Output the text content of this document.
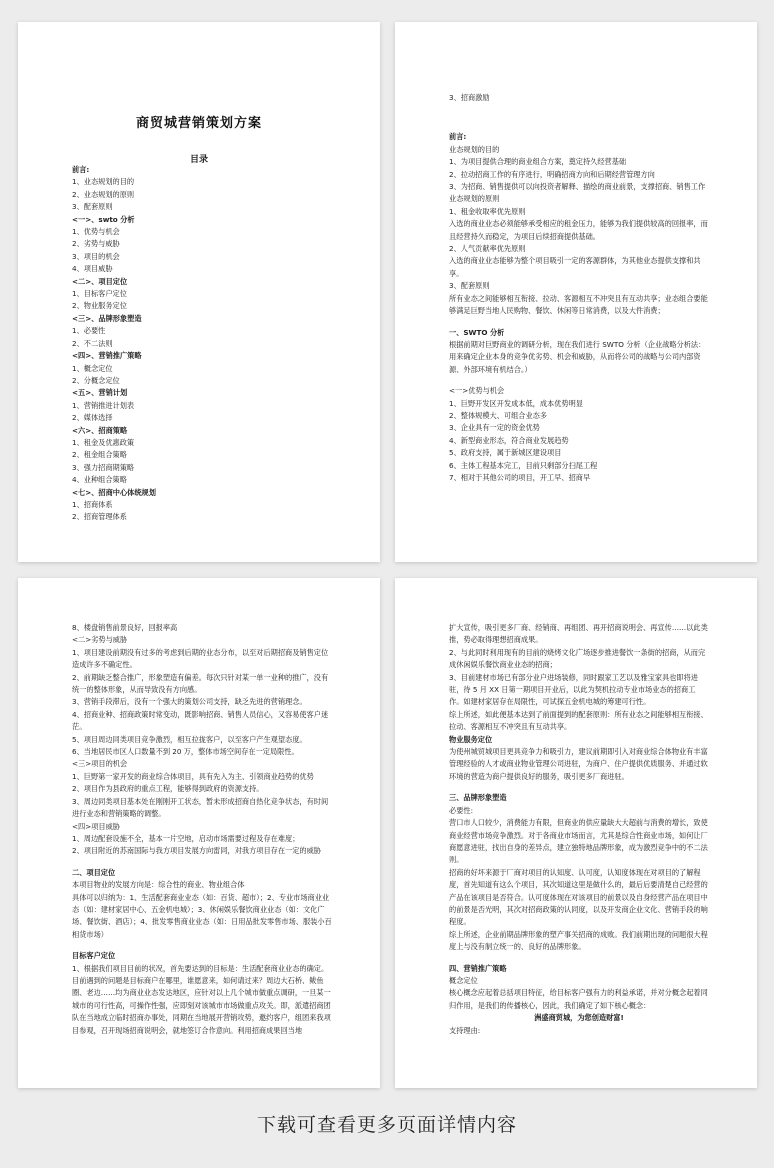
商贸城营销策划方案
目录
前言:
1、业态规划的目的
2、业态规划的原则
3、配套原则
<一>、swto 分析
1、优势与机会
2、劣势与威胁
3、项目的机会
4、项目威胁
<二>、项目定位
1、目标客户定位
2、物业服务定位
<三>、品牌形象塑造
1、必要性
2、不二法则
<四>、营销推广策略
1、概念定位
2、分概念定位
<五>、营销计划
1、营销推进计划表
2、媒体选择
<六>、招商策略
1、租金及优惠政策
2、租金组合策略
3、强力招商期策略
4、业种组合策略
<七>、招商中心体统规划
1、招商体系
2、招商管理体系
3、招商激励
前言:
业态规划的目的
1、为项目提供合理的商业组合方案，奠定持久经营基础
2、拉动招商工作的有序进行，明确招商方向和后期经营管理方向
3、为招商、销售提供可以向投资者解释、描绘的商业前景，支撑招商、销售工作
业态规划的原则
1、租金收取率优先原则
入选的商业业态必须能够承受相应的租金压力，能够为我们提供较高的回报率，而且经营持久而稳定，为项目后续招商提供基础。
2、人气贡献率优先原则
入选的商业业态能够为整个项目吸引一定的客源群体，为其他业态提供支撑和共享。
3、配套原则
所有业态之间能够相互衔接、拉动、客源相互不冲突且有互动共享；业态组合要能够满足巨野当地人民购物、餐饮、休闲等日常消费，以及大件消费；
一、SWTO 分析
根据前期对巨野商业的调研分析，现在我们进行 SWTO 分析（企业战略分析法：用来确定企业本身的竞争优劣势、机会和威胁，从而将公司的战略与公司内部资源、外部环境有机结合。）
<一>优势与机会
1、巨野开发区开发成本低，成本优势明显
2、整体规模大、可组合业态多
3、企业具有一定的资金优势
4、新型商业形态，符合商业发展趋势
5、政府支持，属于新城区建设项目
6、主体工程基本完工，目前只剩部分扫尾工程
7、相对于其他公司的项目，开工早、招商早
8、楼盘销售前景良好，回报率高
<二>劣势与威胁
1、项目建设前期没有过多的考虑到后期的业态分布，以至对后期招商及销售定位造成许多不确定性。
2、前期缺乏整合推广，形象塑造有偏差。每次只针对某一单一业种的推广，没有统一的整体形象，从而导致没有方向感。
3、营销手段滞后，没有一个强大的策划公司支持，缺乏先进的营销理念。
4、招商业种、招商政策时常变动，既影响招商、销售人员信心，又容易使客户迷茫。
5、项目周边同类项目竞争激烈，相互拉拢客户，以至客户产生观望态度。
6、当地居民市区人口数量不到 20 万，整体市场空间存在一定局限性。
<三>项目的机会
1、巨野第一家开发的商业综合体项目，具有先入为主、引领商业趋势的优势
2、项目作为县政府的重点工程，能够得到政府的资源支持。
3、周边同类项目基本处在刚刚开工状态，暂未形成招商自热化竞争状态，有时间进行业态和营销策略的调整。
<四>项目威胁
1、周边配套设施不全，基本一片空地，启动市场需要过程及存在难度；
2、项目附近的苏南国际与我方项目发展方向雷同，对我方项目存在一定的威胁
二、项目定位
本项目物业的发展方向是：综合性的商业、物业组合体
具体可以归纳为：1、生活配套商业业态（如：百货、超市）；2、专业市场商业业态（如：建材家居中心、五金机电城）；3、休闲娱乐餐饮商业业态（如：文化广场、餐饮街、酒店）；4、批发零售商业业态（如：日用品批发零售市场、服装小百相货市场）
目标客户定位
1、根据我们项目目前的状况，首先要达到的目标是：生活配套商业业态的确定。目前遇到的问题是目标商户在哪里，谁愿意来，如何请过来？周边大石桥、鲅鱼圈、老边……均为商业业态发达地区，应针对以上几个城市做重点调研，一旦某一城市的可行性高，可操作性强，应即刻对该城市市场做重点攻关。即，派遣招商团队在当地成立临时招商办事处，同期在当地展开营销攻势，邀约客户，组团来我项目参观，召开现场招商说明会，就地签订合作意向。利用招商成果回当地
扩大宣传，吸引更多厂商、经销商、再组团、再开招商说明会、再宣传……以此类推，势必取得理想招商成果。
2、与此同时利用现有的目前的烧烤文化广场逐步推进餐饮一条街的招商，从而完成休闲娱乐餐饮商业业态的招商；
3、目前建材市场已有部分业户进场装修，同时跟家工艺以及雅宝家具也即将进驻，待 5 月 XX 日第一期项目开业后，以此为契机拉动专业市场业态的招商工作。如建材家居存在局限性，可试探五金机电城的筹建可行性。
综上所述，如此便基本达到了前面提到的配套原则：所有业态之间能够相互衔接、拉动、客源相互不冲突且有互动共享。
物业服务定位
为使州城贸城项目更具竞争力和吸引力，建议前期即引入对商业综合体物业有丰富管理经验的人才或商业物业管理公司进驻，为商户、住户提供优质服务、并通过软环境的营造为商户提供良好的服务，吸引更多厂商进驻。
三、品牌形象塑造
必要性:
营口市人口较少，消费能力有限，但商业的供应量缺大大超前与消费的增长，致使商业经营市场竞争激烈。对于各商业市场而言，尤其是综合性商业市场，如何让厂商愿意进驻，找出自身的差异点，建立独特地品牌形象，成为激烈竞争中的不二法则。
招商的好坏来源于厂商对项目的认知度、认可度，认知度体现在对项目的了解程度，首先知道有这么个项目，其次知道这里是做什么的，最后后要清楚自己经营的产品在该项目是否符合。认可度体现在对该项目的前景以及自身经营产品在项目中的前景是否光明，其次对招商政策的认同度，以及开发商企业文化、营销手段的响程度。
综上所述，企业前期品牌形象的塑产事关招商的成败。我们前期出现的问题很大程度上与没有制立统一的、良好的品牌形象。
四、营销推广策略
概念定位
核心概念应起着总括项目特征，给目标客户强有力的利益承诺，并对分概念起着同归作用，是我们的传播核心，因此，我们确定了如下核心概念：
洲盛商贸城，为您创造财富!
支持理由:
下载可查看更多页面详情内容
